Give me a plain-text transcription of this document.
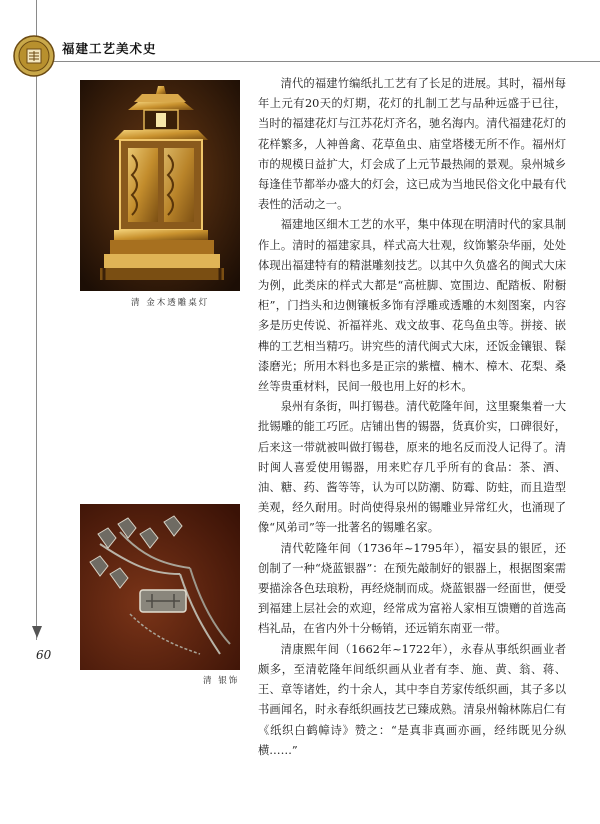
福建工艺美术史
清 金木透雕桌灯
清 银饰
60

清代的福建竹编纸扎工艺有了长足的进展。其时，福州每年上元有20天的灯期，花灯的扎制工艺与品种远盛于已往，当时的福建花灯与江苏花灯齐名，驰名海内。清代福建花灯的花样繁多，人神兽禽、花草鱼虫、庙堂塔楼无所不作。福州灯市的规模日益扩大，灯会成了上元节最热闹的景观。泉州城乡每逢佳节都举办盛大的灯会，这已成为当地民俗文化中最有代表性的活动之一。

福建地区细木工艺的水平，集中体现在明清时代的家具制作上。清时的福建家具，样式高大壮观，纹饰繁杂华丽，处处体现出福建特有的精湛雕刻技艺。以其中久负盛名的闽式大床为例，此类床的样式大都是“高桩脚、宽围边、配踏板、附橱柜”，门挡头和边侧镶板多饰有浮雕或透雕的木刻图案，内容多是历史传说、祈福祥兆、戏文故事、花鸟鱼虫等。拼接、嵌榫的工艺相当精巧。讲究些的清代闽式大床，还饭金镶银、髹漆磨光；所用木料也多是正宗的紫檀、楠木、樟木、花梨、桑丝等贵重材料，民间一般也用上好的杉木。

泉州有条街，叫打锡巷。清代乾隆年间，这里聚集着一大批锡雕的能工巧匠。店铺出售的锡器，货真价实，口碑很好，后来这一带就被叫做打锡巷，原来的地名反而没人记得了。清时闽人喜爱使用锡器，用来贮存几乎所有的食品：茶、酒、油、糖、药、酱等等，认为可以防潮、防霉、防蛀，而且造型美观，经久耐用。时尚使得泉州的锡雕业异常红火，也涌现了像“风弟司”等一批著名的锡雕名家。

清代乾隆年间（1736年~1795年），福安县的银匠，还创制了一种“烧蓝银器”：在预先敲制好的银器上，根据图案需要描涂各色珐琅粉，再经烧制而成。烧蓝银器一经面世，便受到福建上层社会的欢迎，经常成为富裕人家相互馈赠的首选高档礼品，在省内外十分畅销，还远销东南亚一带。

清康熙年间（1662年~1722年），永春从事纸织画业者颇多，至清乾隆年间纸织画从业者有李、施、黄、翁、蒋、王、章等诸姓，约十余人，其中李自芳家传纸织画，其子多以书画闻名，时永春纸织画技艺已臻成熟。清泉州翰林陈启仁有《纸织白鹤幛诗》赞之：“是真非真画亦画，经纬既见分纵横……”
